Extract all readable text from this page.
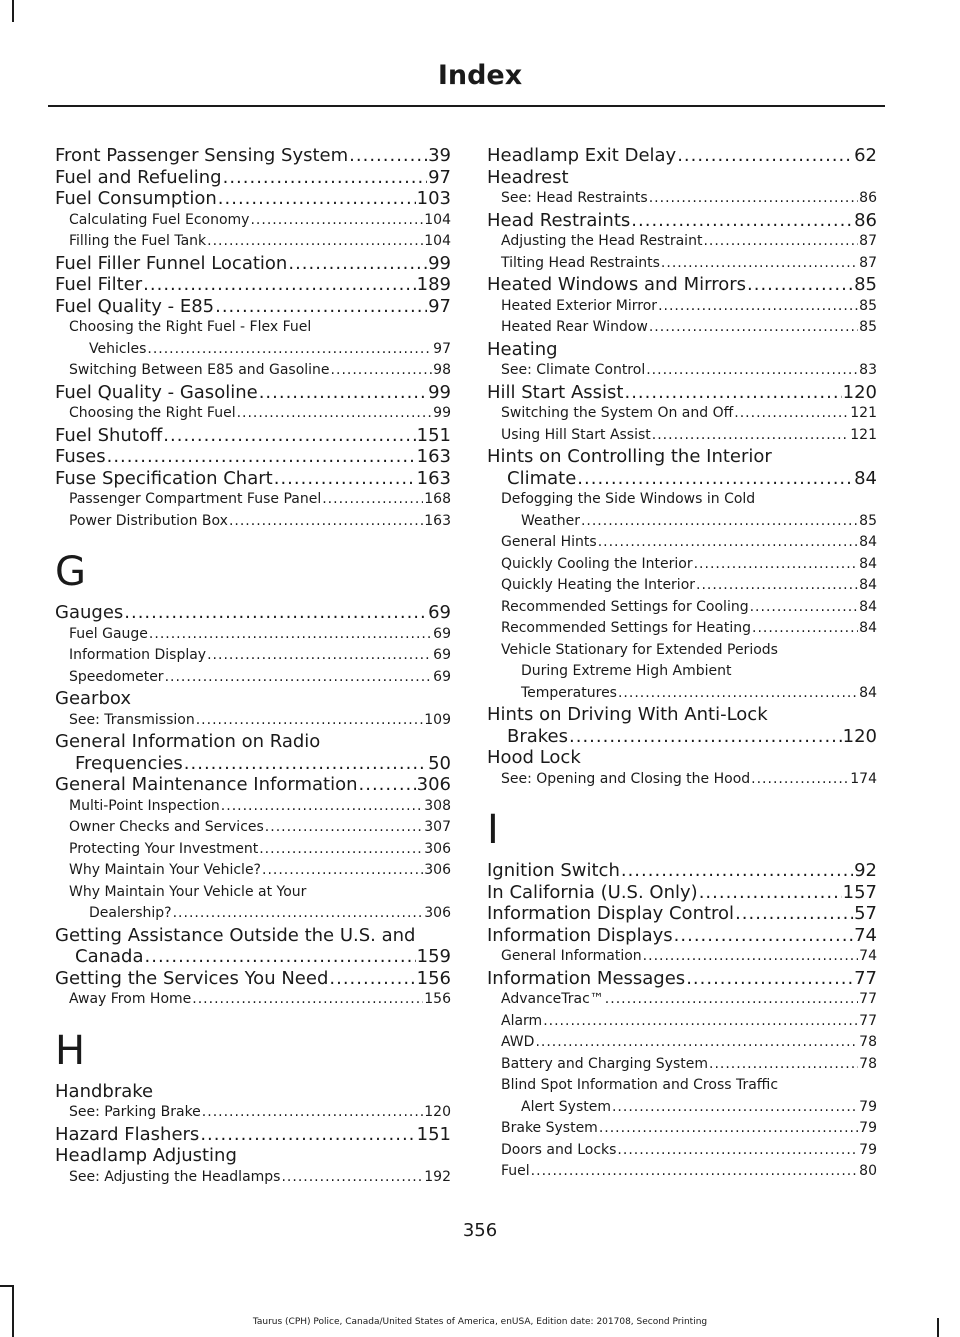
Index
Front Passenger Sensing System .....	39
Fuel and Refueling .....	97
Fuel Consumption .....	103
Calculating Fuel Economy .....	104
Filling the Fuel Tank .....	104
Fuel Filler Funnel Location .....	99
Fuel Filter .....	189
Fuel Quality - E85 .....	97
Choosing the Right Fuel - Flex Fuel
Vehicles .....	97
Switching Between E85 and Gasoline .....	98
Fuel Quality - Gasoline .....	99
Choosing the Right Fuel .....	99
Fuel Shutoff .....	151
Fuses .....	163
Fuse Specification Chart .....	163
Passenger Compartment Fuse Panel .....	168
Power Distribution Box .....	163
G
Gauges .....	69
Fuel Gauge .....	69
Information Display .....	69
Speedometer .....	69
Gearbox
See: Transmission .....	109
General Information on Radio
Frequencies .....	50
General Maintenance Information .....	306
Multi-Point Inspection .....	308
Owner Checks and Services .....	307
Protecting Your Investment .....	306
Why Maintain Your Vehicle? .....	306
Why Maintain Your Vehicle at Your
Dealership? .....	306
Getting Assistance Outside the U.S. and
Canada .....	159
Getting the Services You Need .....	156
Away From Home .....	156
H
Handbrake
See: Parking Brake .....	120
Hazard Flashers .....	151
Headlamp Adjusting
See: Adjusting the Headlamps .....	192
Headlamp Exit Delay .....	62
Headrest
See: Head Restraints .....	86
Head Restraints .....	86
Adjusting the Head Restraint .....	87
Tilting Head Restraints .....	87
Heated Windows and Mirrors .....	85
Heated Exterior Mirror .....	85
Heated Rear Window .....	85
Heating
See: Climate Control .....	83
Hill Start Assist .....	120
Switching the System On and Off .....	121
Using Hill Start Assist .....	121
Hints on Controlling the Interior
Climate .....	84
Defogging the Side Windows in Cold
Weather .....	85
General Hints .....	84
Quickly Cooling the Interior .....	84
Quickly Heating the Interior .....	84
Recommended Settings for Cooling .....	84
Recommended Settings for Heating .....	84
Vehicle Stationary for Extended Periods
During Extreme High Ambient
Temperatures .....	84
Hints on Driving With Anti-Lock
Brakes .....	120
Hood Lock
See: Opening and Closing the Hood .....	174
I
Ignition Switch .....	92
In California (U.S. Only) .....	157
Information Display Control .....	57
Information Displays .....	74
General Information .....	74
Information Messages .....	77
AdvanceTrac™ .....	77
Alarm .....	77
AWD .....	78
Battery and Charging System .....	78
Blind Spot Information and Cross Traffic
Alert System .....	79
Brake System .....	79
Doors and Locks .....	79
Fuel .....	80
356
Taurus (CPH) Police, Canada/United States of America, enUSA, Edition date: 201708, Second Printing
